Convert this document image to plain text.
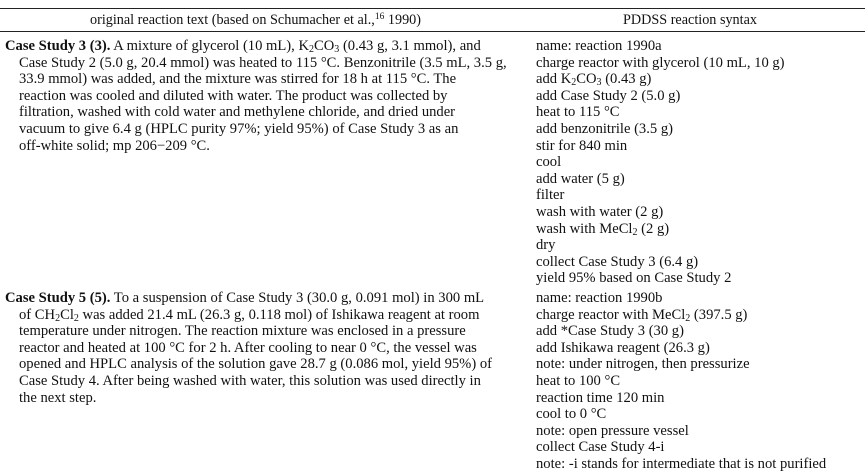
original reaction text (based on Schumacher et al.,$^{16}$ 1990)	PDDSS reaction syntax
Case Study 3 (3). A mixture of glycerol (10 mL), $K_2CO_3$ (0.43 g, 3.1 mmol), and
Case Study 2 (5.0 g, 20.4 mmol) was heated to 115 °C. Benzonitrile (3.5 mL, 3.5 g,
33.9 mmol) was added, and the mixture was stirred for 18 h at 115 °C. The
reaction was cooled and diluted with water. The product was collected by
filtration, washed with cold water and methylene chloride, and dried under
vacuum to give 6.4 g (HPLC purity 97%; yield 95%) of Case Study 3 as an
off-white solid; mp 206−209 °C.
name: reaction 1990a
charge reactor with glycerol (10 mL, 10 g)
add $K_2CO_3$ (0.43 g)
add Case Study 2 (5.0 g)
heat to 115 °C
add benzonitrile (3.5 g)
stir for 840 min
cool
add water (5 g)
filter
wash with water (2 g)
wash with MeCl$_2$ (2 g)
dry
collect Case Study 3 (6.4 g)
yield 95% based on Case Study 2
Case Study 5 (5). To a suspension of Case Study 3 (30.0 g, 0.091 mol) in 300 mL
of $CH_2Cl_2$ was added 21.4 mL (26.3 g, 0.118 mol) of Ishikawa reagent at room
temperature under nitrogen. The reaction mixture was enclosed in a pressure
reactor and heated at 100 °C for 2 h. After cooling to near 0 °C, the vessel was
opened and HPLC analysis of the solution gave 28.7 g (0.086 mol, yield 95%) of
Case Study 4. After being washed with water, this solution was used directly in
the next step.
name: reaction 1990b
charge reactor with MeCl$_2$ (397.5 g)
add *Case Study 3 (30 g)
add Ishikawa reagent (26.3 g)
note: under nitrogen, then pressurize
heat to 100 °C
reaction time 120 min
cool to 0 °C
note: open pressure vessel
collect Case Study 4-i
note: -i stands for intermediate that is not purified
